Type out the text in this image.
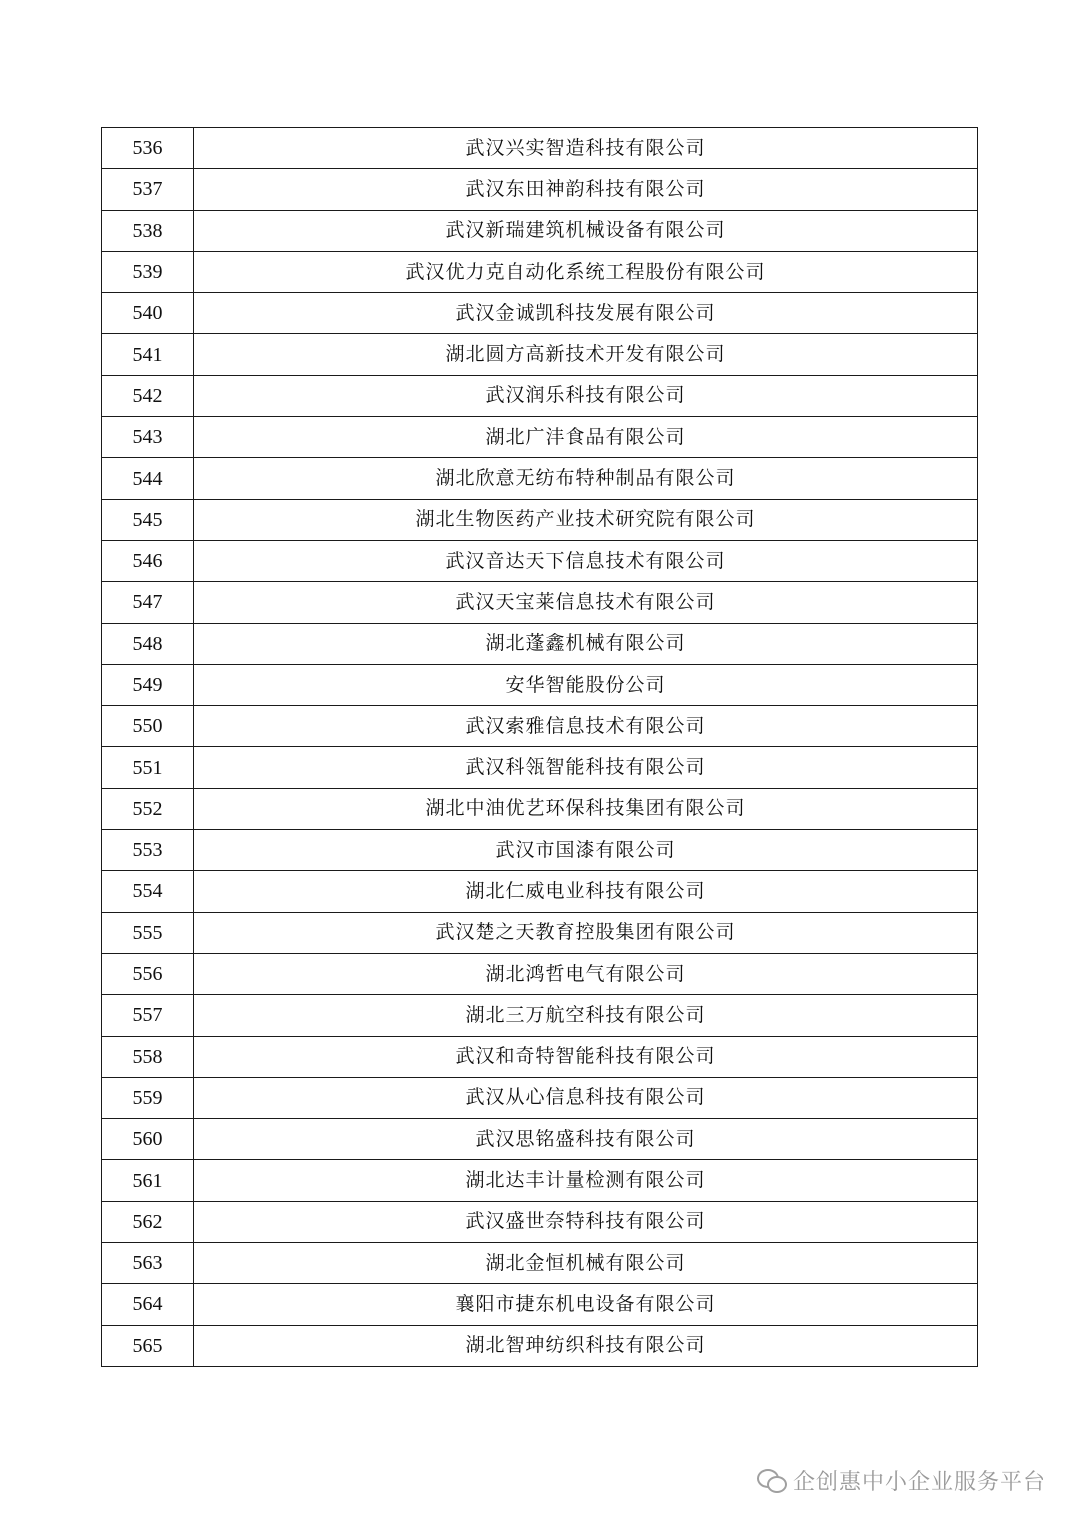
536	武汉兴实智造科技有限公司
537	武汉东田神韵科技有限公司
538	武汉新瑞建筑机械设备有限公司
539	武汉优力克自动化系统工程股份有限公司
540	武汉金诚凯科技发展有限公司
541	湖北圆方高新技术开发有限公司
542	武汉润乐科技有限公司
543	湖北广沣食品有限公司
544	湖北欣意无纺布特种制品有限公司
545	湖北生物医药产业技术研究院有限公司
546	武汉音达天下信息技术有限公司
547	武汉天宝莱信息技术有限公司
548	湖北蓬鑫机械有限公司
549	安华智能股份公司
550	武汉索雅信息技术有限公司
551	武汉科瓴智能科技有限公司
552	湖北中油优艺环保科技集团有限公司
553	武汉市国漆有限公司
554	湖北仁威电业科技有限公司
555	武汉楚之天教育控股集团有限公司
556	湖北鸿哲电气有限公司
557	湖北三万航空科技有限公司
558	武汉和奇特智能科技有限公司
559	武汉从心信息科技有限公司
560	武汉思铭盛科技有限公司
561	湖北达丰计量检测有限公司
562	武汉盛世奈特科技有限公司
563	湖北金恒机械有限公司
564	襄阳市捷东机电设备有限公司
565	湖北智珅纺织科技有限公司
企创惠中小企业服务平台
